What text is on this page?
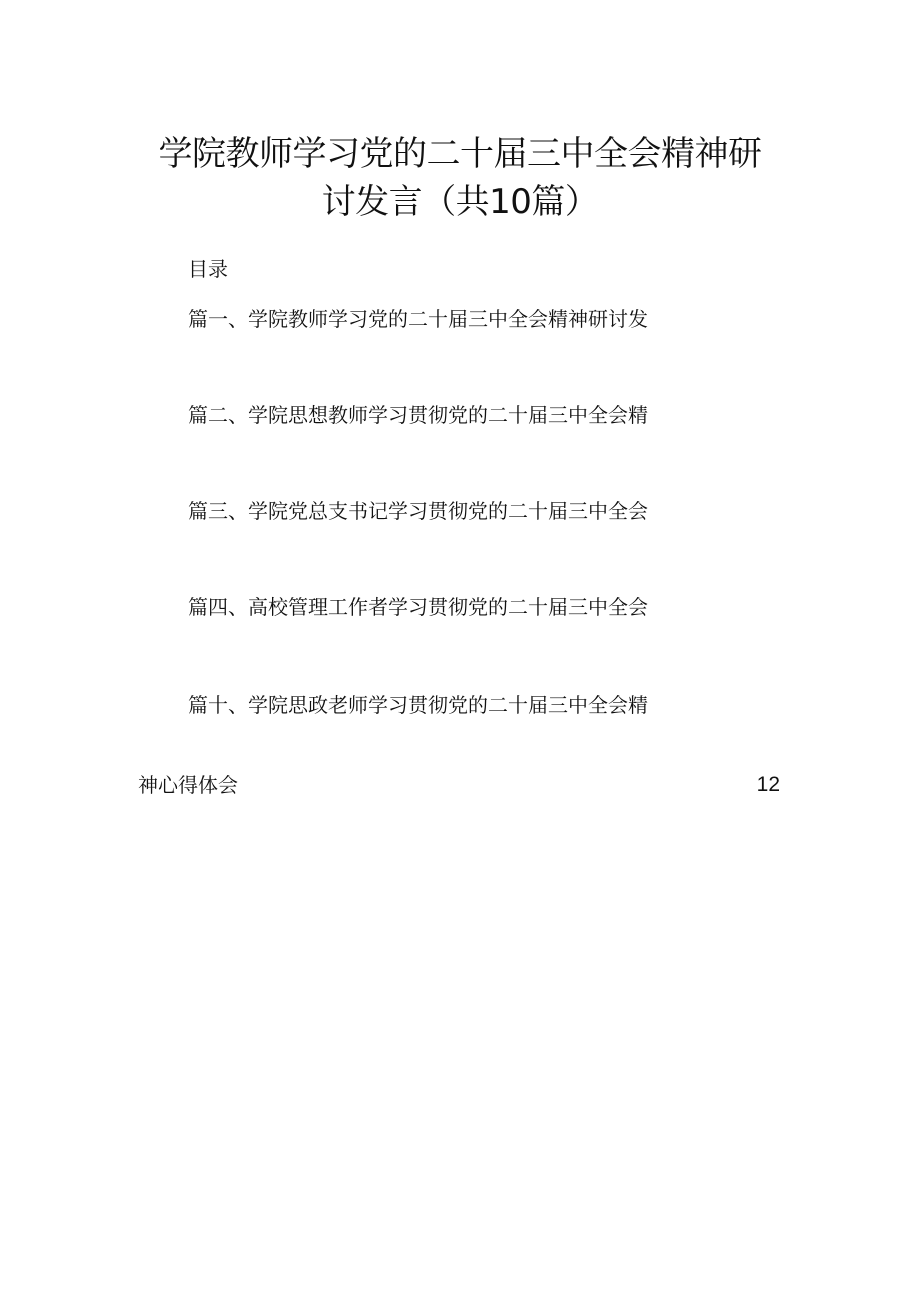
学院教师学习党的二十届三中全会精神研
讨发言（共10篇）
目录
篇一、学院教师学习党的二十届三中全会精神研讨发
篇二、学院思想教师学习贯彻党的二十届三中全会精
篇三、学院党总支书记学习贯彻党的二十届三中全会
篇四、高校管理工作者学习贯彻党的二十届三中全会
篇十、学院思政老师学习贯彻党的二十届三中全会精
神心得体会	12
